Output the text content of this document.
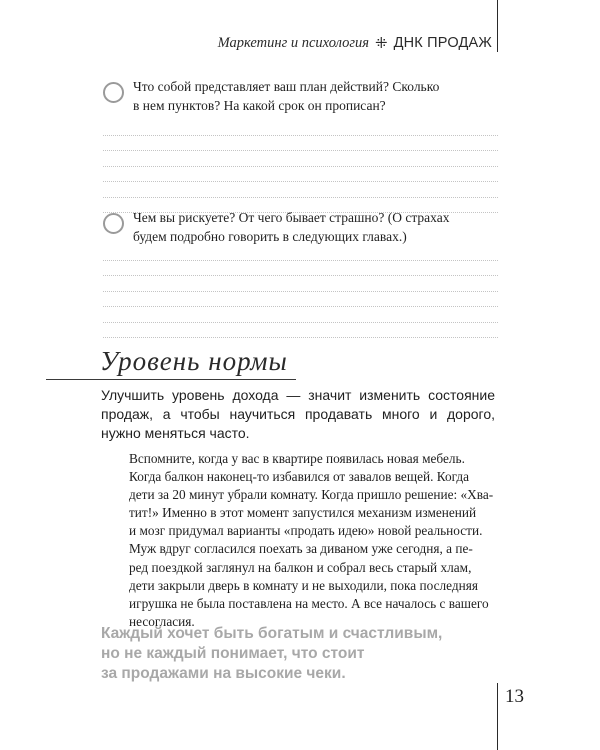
Маркетинг и психология ⁜ ДНК ПРОДАЖ
Что собой представляет ваш план действий? Сколько
в нем пунктов? На какой срок он прописан?
Чем вы рискуете? От чего бывает страшно? (О страхах
будем подробно говорить в следующих главах.)
Уровень нормы
Улучшить уровень дохода — значит изменить состояние продаж, а чтобы научиться продавать много и дорого, нужно меняться часто.
Вспомните, когда у вас в квартире появилась новая мебель.
Когда балкон наконец-то избавился от завалов вещей. Когда
дети за 20 минут убрали комнату. Когда пришло решение: «Хва-
тит!» Именно в этот момент запустился механизм изменений
и мозг придумал варианты «продать идею» новой реальности.
Муж вдруг согласился поехать за диваном уже сегодня, а пе-
ред поездкой заглянул на балкон и собрал весь старый хлам,
дети закрыли дверь в комнату и не выходили, пока последняя
игрушка не была поставлена на место. А все началось с вашего
несогласия.
Каждый хочет быть богатым и счастливым,
но не каждый понимает, что стоит
за продажами на высокие чеки.
13
